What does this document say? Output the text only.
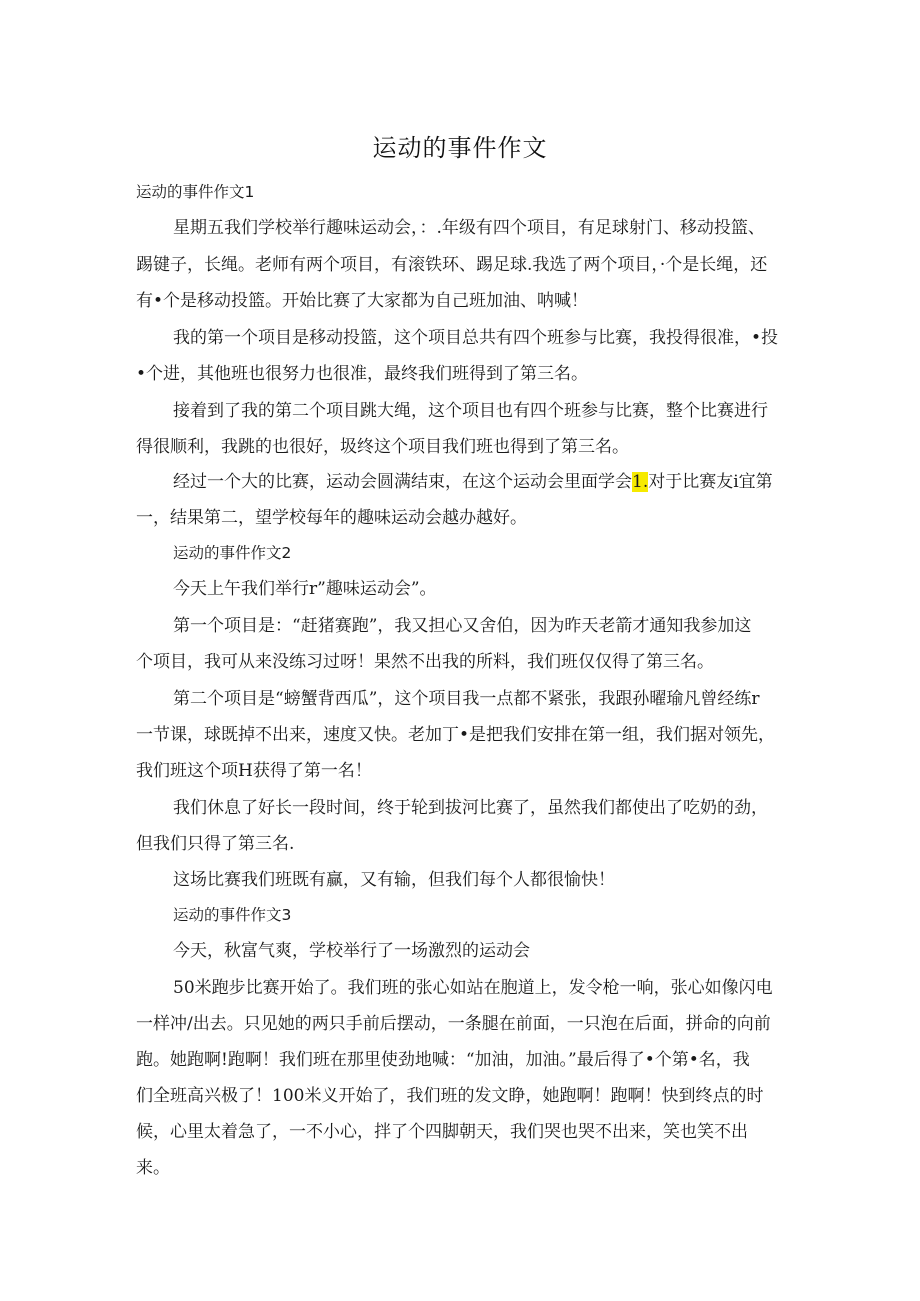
运动的事件作文
运动的事件作文1
星期五我们学校举行趣味运动会，：.年级有四个项目，有足球射门、移动投篮、
踢键子，长绳。老师有两个项目，有滚铁环、踢足球.我选了两个项目，·个是长绳，还
有•个是移动投篮。开始比赛了大家都为自己班加油、呐喊！
我的第一个项目是移动投篮，这个项目总共有四个班参与比赛，我投得很准，•投
•个进，其他班也很努力也很准，最终我们班得到了第三名。
接着到了我的第二个项目跳大绳，这个项目也有四个班参与比赛，整个比赛进行
得很顺利，我跳的也很好，圾终这个项目我们班也得到了第三名。
经过一个大的比赛，运动会圆满结束，在这个运动会里面学会1.对于比赛友i宜第
一，结果第二，望学校每年的趣味运动会越办越好。
运动的事件作文2
今天上午我们举行r”趣味运动会”。
第一个项目是：“赶猪赛跑”，我又担心又舍伯，因为昨天老箭才通知我参加这
个项目，我可从来没练习过呀！果然不出我的所料，我们班仅仅得了第三名。
第二个项目是“螃蟹背西瓜”，这个项目我一点都不紧张，我跟孙曜瑜凡曾经练r
一节课，球既掉不出来，速度又快。老加丁•是把我们安排在第一组，我们据对领先，
我们班这个项H获得了第一名！
我们休息了好长一段时间，终于轮到拔河比赛了，虽然我们都使出了吃奶的劲，
但我们只得了第三名.
这场比赛我们班既有赢，又有输，但我们每个人都很愉快！
运动的事件作文3
今天，秋富气爽，学校举行了一场激烈的运动会
50米跑步比赛开始了。我们班的张心如站在胞道上，发令枪一响，张心如像闪电
一样冲/出去。只见她的两只手前后摆动，一条腿在前面，一只泡在后面，拼命的向前
跑。她跑啊!跑啊！我们班在那里使劲地喊：“加油，加油。”最后得了•个第•名，我
们全班高兴极了！100米义开始了，我们班的发文睁，她跑啊！跑啊！快到终点的时
候，心里太着急了，一不小心，拌了个四脚朝天，我们哭也哭不出来，笑也笑不出
来。
